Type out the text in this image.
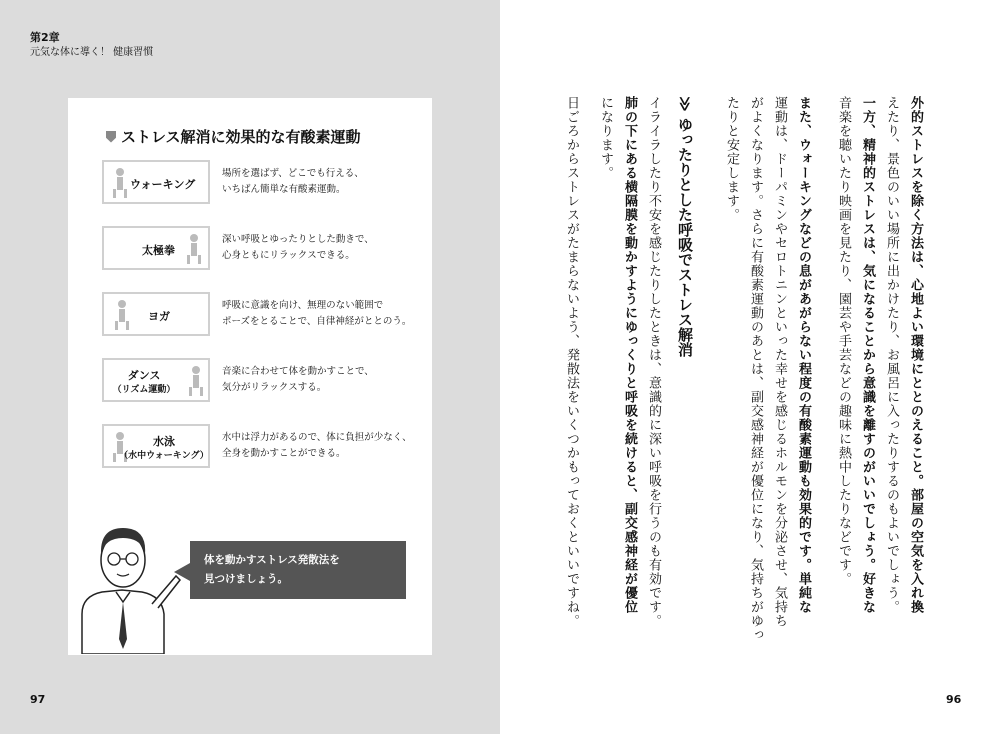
第2章
元気な体に導く！ 健康習慣
ストレス解消に効果的な有酸素運動
ウォーキング
場所を選ばず、どこでも行える、
いちばん簡単な有酸素運動。
太極拳
深い呼吸とゆったりとした動きで、
心身ともにリラックスできる。
ヨガ
呼吸に意識を向け、無理のない範囲で
ポーズをとることで、自律神経がととのう。
ダンス
（リズム運動）
音楽に合わせて体を動かすことで、
気分がリラックスする。
水泳
（水中ウォーキング）
水中は浮力があるので、体に負担が少なく、
全身を動かすことができる。
体を動かすストレス発散法を
見つけましょう。
97
外的ストレスを除く方法は、心地よい環境にととのえること。部屋の空気を入れ換
えたり、景色のいい場所に出かけたり、お風呂に入ったりするのもよいでしょう。
一方、精神的ストレスは、気になることから意識を離すのがいいでしょう。好きな
音楽を聴いたり映画を見たり、園芸や手芸などの趣味に熱中したりなどです。
また、ウォーキングなどの息があがらない程度の有酸素運動も効果的です。単純な
運動は、ドーパミンやセロトニンといった幸せを感じるホルモンを分泌させ、気持ち
がよくなります。さらに有酸素運動のあとは、副交感神経が優位になり、気持ちがゆっ
たりと安定します。
≫ ゆったりとした呼吸でストレス解消
イライラしたり不安を感じたりしたときは、意識的に深い呼吸を行うのも有効です。
肺の下にある横隔膜を動かすようにゆっくりと呼吸を続けると、副交感神経が優位
になります。
日ごろからストレスがたまらないよう、発散法をいくつかもっておくといいですね。
96
